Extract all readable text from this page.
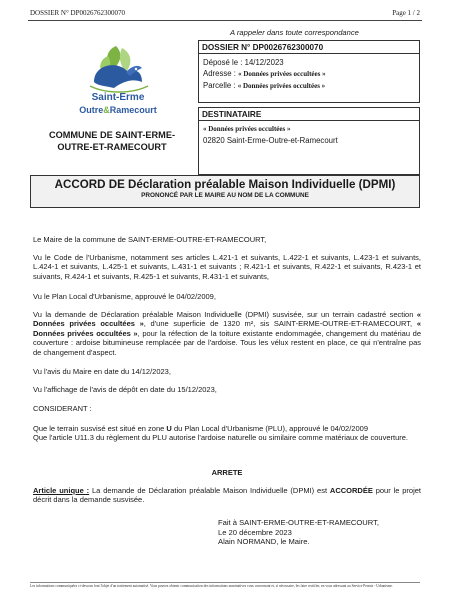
DOSSIER N° DP0026762300070	Page 1 / 2
A rappeler dans toute correspondance
DOSSIER N° DP0026762300070
Déposé le : 14/12/2023
Adresse : « Données privées occultées »
Parcelle : « Données privées occultées »
DESTINATAIRE
« Données privées occultées »
02820 Saint-Erme-Outre-et-Ramecourt
Saint-Erme
Outre&Ramecourt
COMMUNE DE SAINT-ERME-
OUTRE-ET-RAMECOURT
ACCORD DE Déclaration préalable Maison Individuelle (DPMI)
PRONONCÉ PAR LE MAIRE AU NOM DE LA COMMUNE
Le Maire de la commune de SAINT-ERME-OUTRE-ET-RAMECOURT,
Vu le Code de l'Urbanisme, notamment ses articles L.421-1 et suivants, L.422-1 et suivants, L.423-1 et suivants, L.424-1 et suivants, L.425-1 et suivants, L.431-1 et suivants ; R.421-1 et suivants, R.422-1 et suivants, R.423-1 et suivants, R.424-1 et suivants, R.425-1 et suivants, R.431-1 et suivants,
Vu le Plan Local d'Urbanisme, approuvé le 04/02/2009,
Vu la demande de Déclaration préalable Maison Individuelle (DPMI) susvisée, sur un terrain cadastré section « Données privées occultées », d'une superficie de 1320 m², sis SAINT-ERME-OUTRE-ET-RAMECOURT, « Données privées occultées », pour la réfection de la toiture existante endommagée, changement du matériau de couverture : ardoise bitumineuse remplacée par de l'ardoise. Tous les vélux restent en place, ce qui n'entraîne pas de changement d'aspect.
Vu l'avis du Maire en date du 14/12/2023,
Vu l'affichage de l'avis de dépôt en date du 15/12/2023,
CONSIDERANT :
Que le terrain susvisé est situé en zone U du Plan Local d'Urbanisme (PLU), approuvé le 04/02/2009
Que l'article U11.3 du règlement du PLU autorise l'ardoise naturelle ou similaire comme matériaux de couverture.
ARRETE
Article unique : La demande de Déclaration préalable Maison Individuelle (DPMI) est ACCORDÉE pour le projet décrit dans la demande susvisée.
Fait à SAINT-ERME-OUTRE-ET-RAMECOURT,
Le 20 décembre 2023
Alain NORMAND, le Maire.
Les informations communiquées ci-dessous font l'objet d'un traitement automatisé. Vous pouvez obtenir communication des informations nominatives vous concernant et, si nécessaire, les faire rectifier, en vous adressant au Service Permis - Urbanisme.
